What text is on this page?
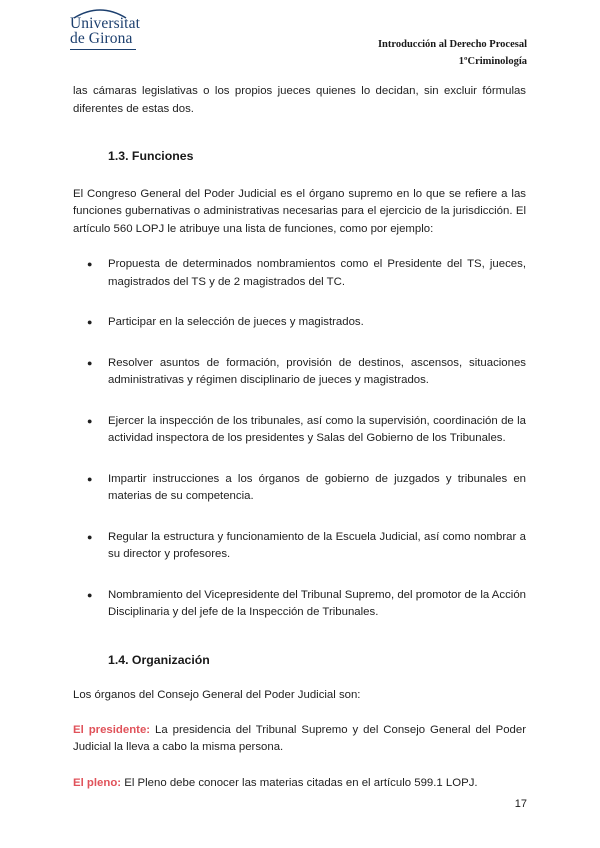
Universitat
de Girona	Introducción al Derecho Procesal
1ºCriminología

las cámaras legislativas o los propios jueces quienes lo decidan, sin excluir fórmulas diferentes de estas dos.

1.3. Funciones

El Congreso General del Poder Judicial es el órgano supremo en lo que se refiere a las funciones gubernativas o administrativas necesarias para el ejercicio de la jurisdicción. El artículo 560 LOPJ le atribuye una lista de funciones, como por ejemplo:

● Propuesta de determinados nombramientos como el Presidente del TS, jueces, magistrados del TS y de 2 magistrados del TC.
● Participar en la selección de jueces y magistrados.
● Resolver asuntos de formación, provisión de destinos, ascensos, situaciones administrativas y régimen disciplinario de jueces y magistrados.
● Ejercer la inspección de los tribunales, así como la supervisión, coordinación de la actividad inspectora de los presidentes y Salas del Gobierno de los Tribunales.
● Impartir instrucciones a los órganos de gobierno de juzgados y tribunales en materias de su competencia.
● Regular la estructura y funcionamiento de la Escuela Judicial, así como nombrar a su director y profesores.
● Nombramiento del Vicepresidente del Tribunal Supremo, del promotor de la Acción Disciplinaria y del jefe de la Inspección de Tribunales.

1.4. Organización

Los órganos del Consejo General del Poder Judicial son:

El presidente: La presidencia del Tribunal Supremo y del Consejo General del Poder Judicial la lleva a cabo la misma persona.

El pleno: El Pleno debe conocer las materias citadas en el artículo 599.1 LOPJ.

17
